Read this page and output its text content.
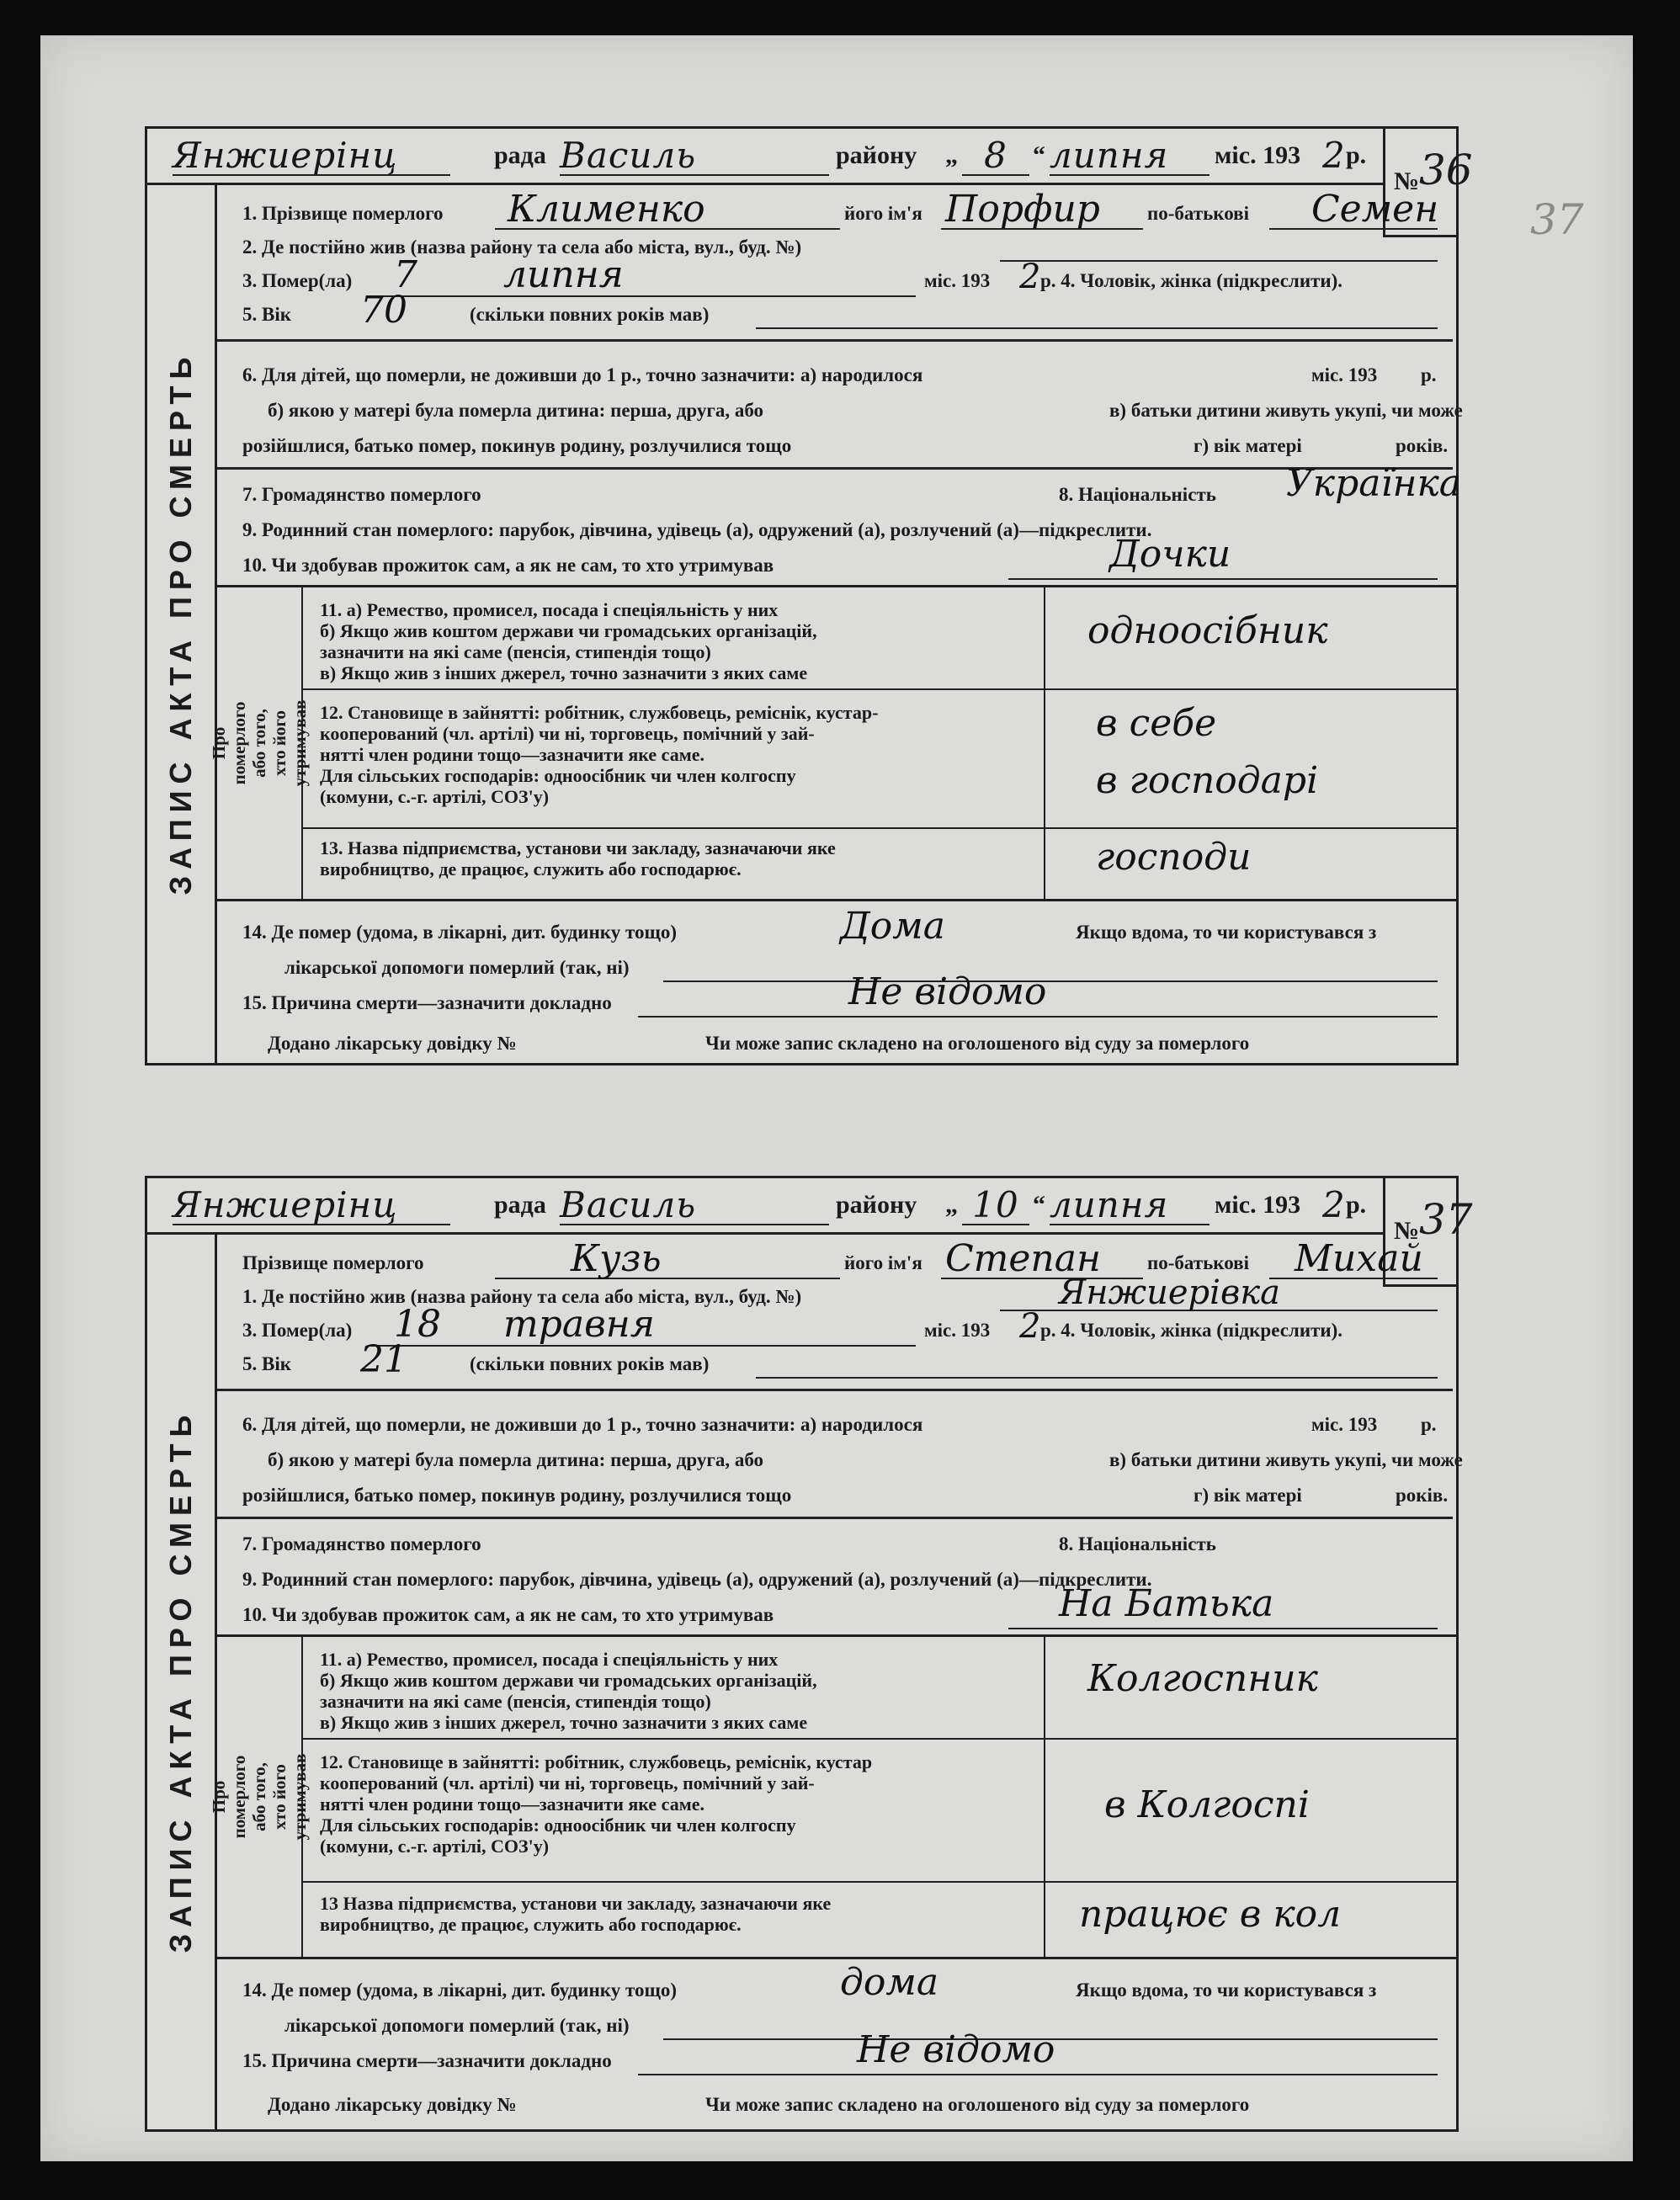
37
Янжиерінц	рада Василь	району „ 8	“ липня	міс. 193 2 р.
№ 36
ЗАПИС АКТА ПРО СМЕРТЬ
1. Прізвище померлого	Клименко	його ім'я Порфир по-батькові	Семен
2. Де постійно жив (назва району та села або міста, вул., буд. №)
3. Помер(ла)	7 липня	міс. 193 2 р. 4. Чоловік, жінка (підкреслити).
5. Вік	70	(скільки повних років мав)
6. Для дітей, що померли, не доживши до 1 р., точно зазначити: а) народилося	міс. 193	р.
б) якою у матері була померла дитина: перша, друга, або	в) батьки дитини живуть укупі, чи може
розійшлися, батько помер, покинув родину, розлучилися тощо	г) вік матері	років.
7. Громадянство померлого	8. Національність	Українка
9. Родинний стан померлого: парубок, дівчина, удівець (а), одружений (а), розлучений (а)—підкреслити.
10. Чи здобував прожиток сам, а як не сам, то хто утримував	Дочки
Про померлого або того,
хто його утримував
11. а) Ремество, промисел, посада і спеціяльність у них
б) Якщо жив коштом держави чи громадських організацій,
зазначити на які саме (пенсія, стипендія тощо)
в) Якщо жив з інших джерел, точно зазначити з яких саме
одноосібник
12. Становище в зайнятті: робітник, службовець, реміснік, кустар-
кооперований (чл. артілі) чи ні, торговець, помічний у зай-
нятті член родини тощо—зазначити яке саме.
Для сільських господарів: одноосібник чи член колгоспу
(комуни, с.-г. артілі, СОЗ'у)
в себе
в господарі
13. Назва підприємства, установи чи закладу, зазначаючи яке
виробництво, де працює, служить або господарює.	господи
14. Де помер (удома, в лікарні, дит. будинку тощо)	Дома	Якщо вдома, то чи користувався з
лікарської допомоги померлий (так, ні)
15. Причина смерти—зазначити докладно	Не відомо
Додано лікарську довідку №	Чи може запис складено на оголошеного від суду за померлого
Янжиерінц	рада Василь	району „ 10 “ липня	міс. 193 2 р.
№ 37
ЗАПИС АКТА ПРО СМЕРТЬ
Прізвище померлого	Кузь	його ім'я Степан по-батькові	Михай
1. Де постійно жив (назва району та села або міста, вул., буд. №)	Янжиерівка
3. Помер(ла)	18 травня	міс. 193 2 р. 4. Чоловік, жінка (підкреслити).
5. Вік	21	(скільки повних років мав)
6. Для дітей, що померли, не доживши до 1 р., точно зазначити: а) народилося	міс. 193	р.
б) якою у матері була померла дитина: перша, друга, або	в) батьки дитини живуть укупі, чи може
розійшлися, батько помер, покинув родину, розлучилися тощо	г) вік матері	років.
7. Громадянство померлого	8. Національність
9. Родинний стан померлого: парубок, дівчина, удівець (а), одружений (а), розлучений (а)—підкреслити.
10. Чи здобував прожиток сам, а як не сам, то хто утримував	На Батька
Про померлого або того,
хто його утримував
11. а) Ремество, промисел, посада і спеціяльність у них
б) Якщо жив коштом держави чи громадських організацій,
зазначити на які саме (пенсія, стипендія тощо)
в) Якщо жив з інших джерел, точно зазначити з яких саме
Колгоспник
12. Становище в зайнятті: робітник, службовець, реміснік, кустар
кооперований (чл. артілі) чи ні, торговець, помічний у зай-
нятті член родини тощо—зазначити яке саме.
Для сільських господарів: одноосібник чи член колгоспу
(комуни, с.-г. артілі, СОЗ'у)
в Колгоспі
13 Назва підприємства, установи чи закладу, зазначаючи яке
виробництво, де працює, служить або господарює.	працює в кол
14. Де помер (удома, в лікарні, дит. будинку тощо)	дома	Якщо вдома, то чи користувався з
лікарської допомоги померлий (так, ні)
15. Причина смерти—зазначити докладно	Не відомо
Додано лікарську довідку №	Чи може запис складено на оголошеного від суду за померлого
